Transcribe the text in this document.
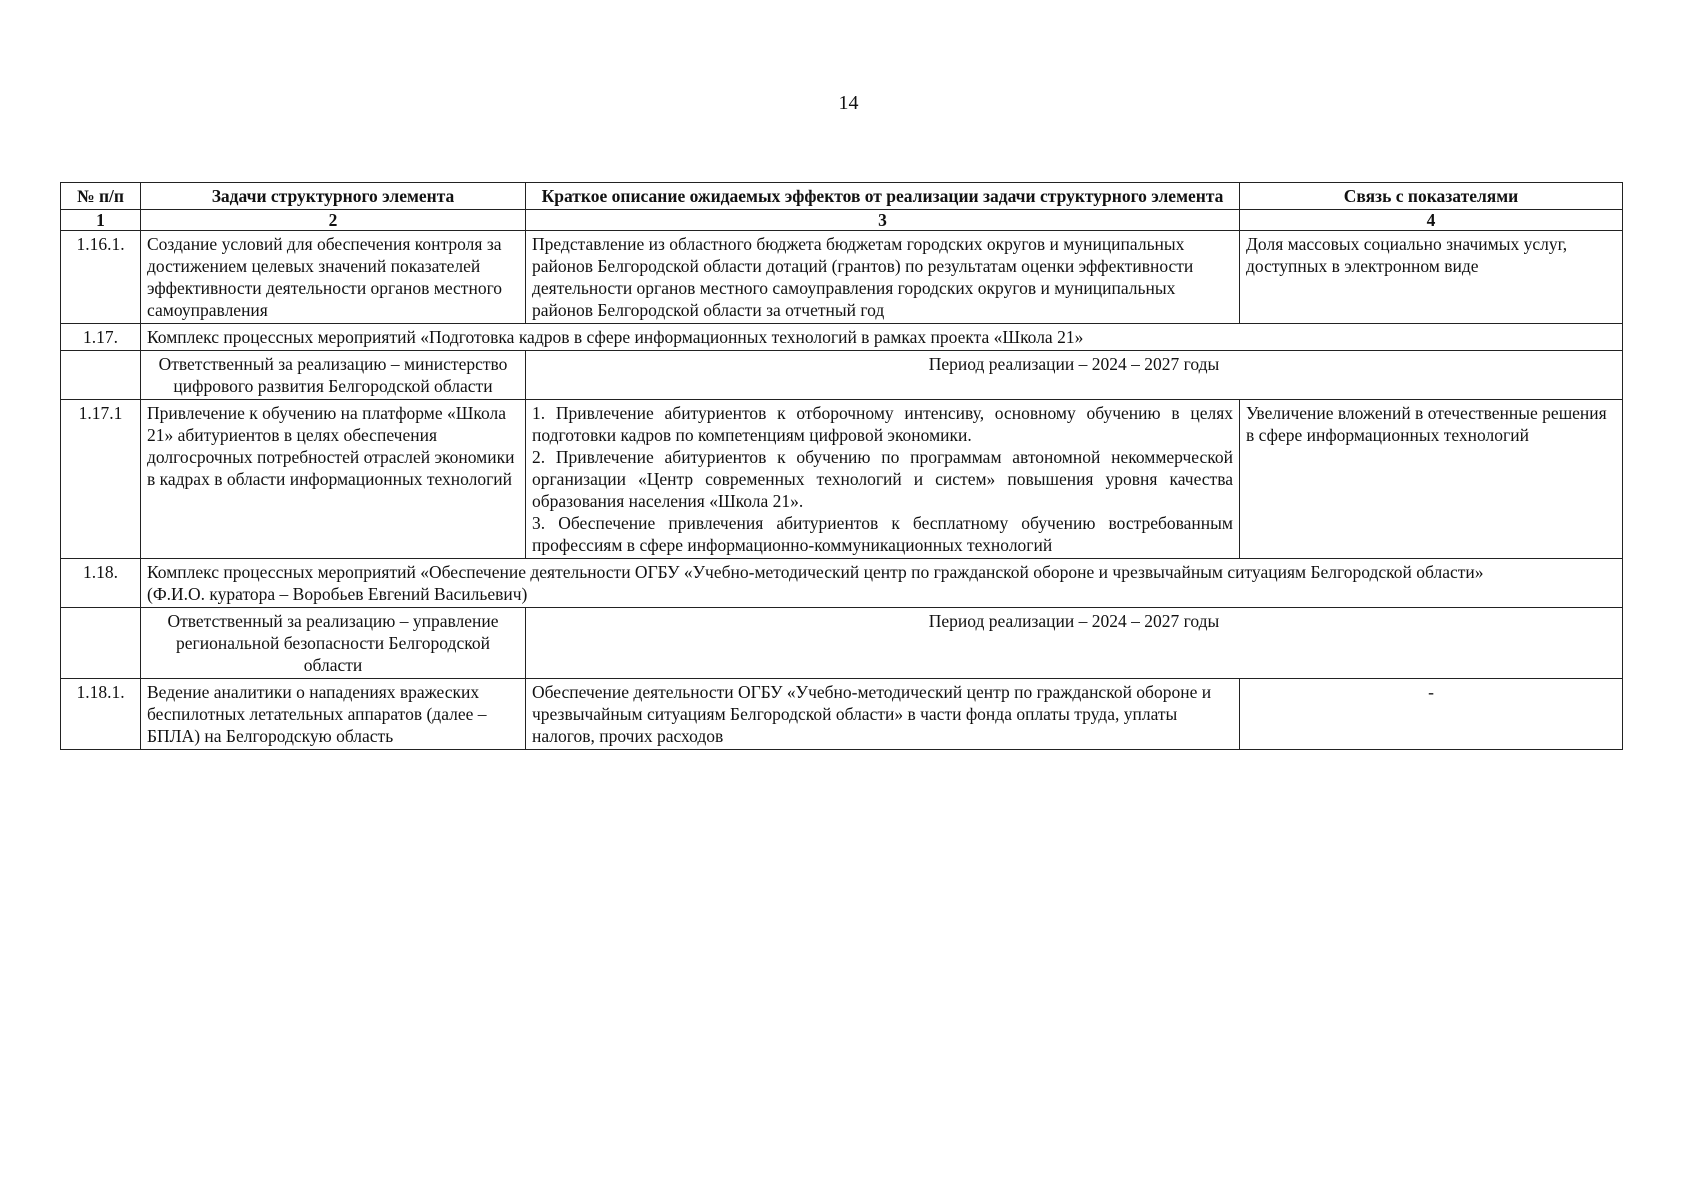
14
№ п/п	Задачи структурного элемента	Краткое описание ожидаемых эффектов от реализации задачи структурного элемента	Связь с показателями
1	2	3	4
1.16.1.	Создание условий для обеспечения контроля за достижением целевых значений показателей эффективности деятельности органов местного самоуправления	Представление из областного бюджета бюджетам городских округов и муниципальных районов Белгородской области дотаций (грантов) по результатам оценки эффективности деятельности органов местного самоуправления городских округов и муниципальных районов Белгородской области за отчетный год	Доля массовых социально значимых услуг, доступных в электронном виде
1.17.	Комплекс процессных мероприятий «Подготовка кадров в сфере информационных технологий в рамках проекта «Школа 21»		
	Ответственный за реализацию – министерство цифрового развития Белгородской области	Период реализации – 2024 – 2027 годы	
1.17.1	Привлечение к обучению на платформе «Школа 21» абитуриентов в целях обеспечения долгосрочных потребностей отраслей экономики в кадрах в области информационных технологий	1. Привлечение абитуриентов к отборочному интенсиву, основному обучению в целях подготовки кадров по компетенциям цифровой экономики.
2. Привлечение абитуриентов к обучению по программам автономной некоммерческой организации «Центр современных технологий и систем» повышения уровня качества образования населения «Школа 21».
3. Обеспечение привлечения абитуриентов к бесплатному обучению востребованным профессиям в сфере информационно-коммуникационных технологий	Увеличение вложений в отечественные решения в сфере информационных технологий
1.18.	Комплекс процессных мероприятий «Обеспечение деятельности ОГБУ «Учебно-методический центр по гражданской обороне и чрезвычайным ситуациям Белгородской области»
(Ф.И.О. куратора – Воробьев Евгений Васильевич)		

	Ответственный за реализацию – управление региональной безопасности Белгородской области	Период реализации – 2024 – 2027 годы	
1.18.1.	Ведение аналитики о нападениях вражеских беспилотных летательных аппаратов (далее – БПЛА) на Белгородскую область	Обеспечение деятельности ОГБУ «Учебно-методический центр по гражданской обороне и чрезвычайным ситуациям Белгородской области» в части фонда оплаты труда, уплаты налогов, прочих расходов	-
